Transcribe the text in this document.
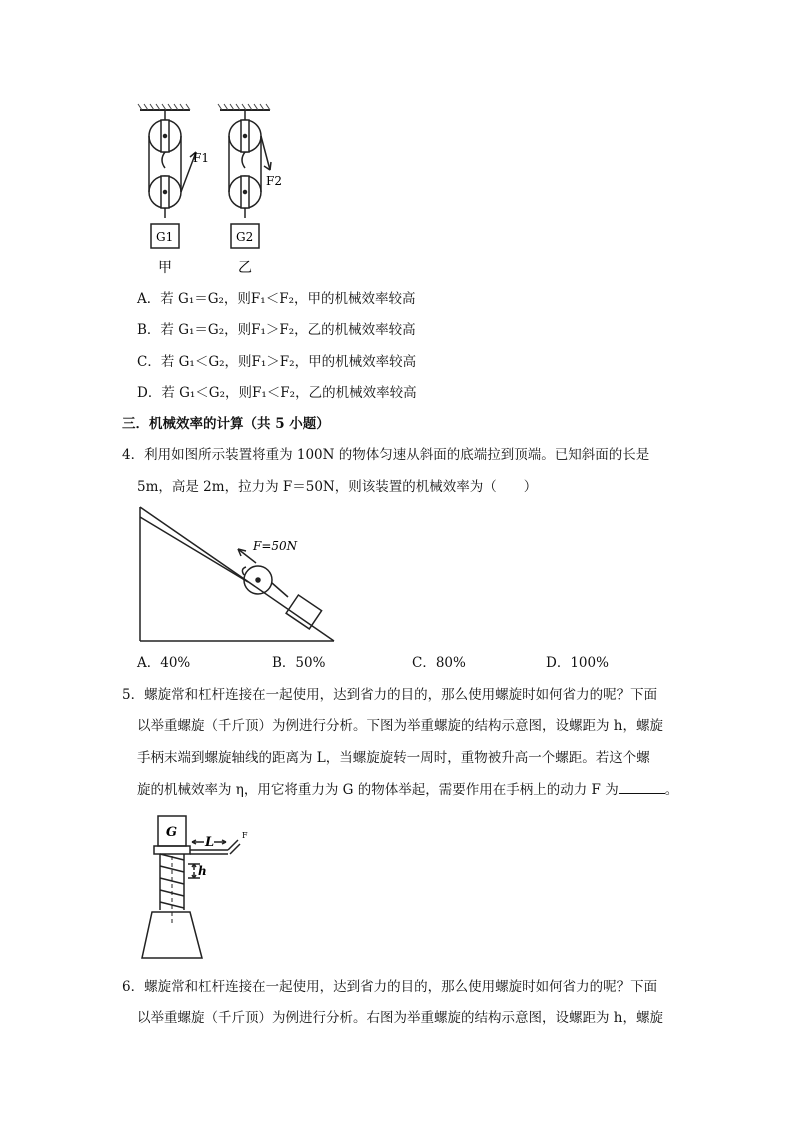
F1
G1
甲
F2
G2
乙
A．若 G₁＝G₂，则F₁＜F₂，甲的机械效率较高
B．若 G₁＝G₂，则F₁＞F₂，乙的机械效率较高
C．若 G₁＜G₂，则F₁＞F₂，甲的机械效率较高
D．若 G₁＜G₂，则F₁＜F₂，乙的机械效率较高
三．机械效率的计算（共 5 小题）
4．利用如图所示装置将重为 100N 的物体匀速从斜面的底端拉到顶端。已知斜面的长是
5m，高是 2m，拉力为 F＝50N，则该装置的机械效率为（　　）
F=50N
A．40%	B．50%	C．80%	D．100%
5．螺旋常和杠杆连接在一起使用，达到省力的目的，那么使用螺旋时如何省力的呢？下面
以举重螺旋（千斤顶）为例进行分析。下图为举重螺旋的结构示意图，设螺距为 h，螺旋
手柄末端到螺旋轴线的距离为 L，当螺旋旋转一周时，重物被升高一个螺距。若这个螺
旋的机械效率为 η，用它将重力为 G 的物体举起，需要作用在手柄上的动力 F 为	。
G
L	F
h
6．螺旋常和杠杆连接在一起使用，达到省力的目的，那么使用螺旋时如何省力的呢？下面
以举重螺旋（千斤顶）为例进行分析。右图为举重螺旋的结构示意图，设螺距为 h，螺旋
